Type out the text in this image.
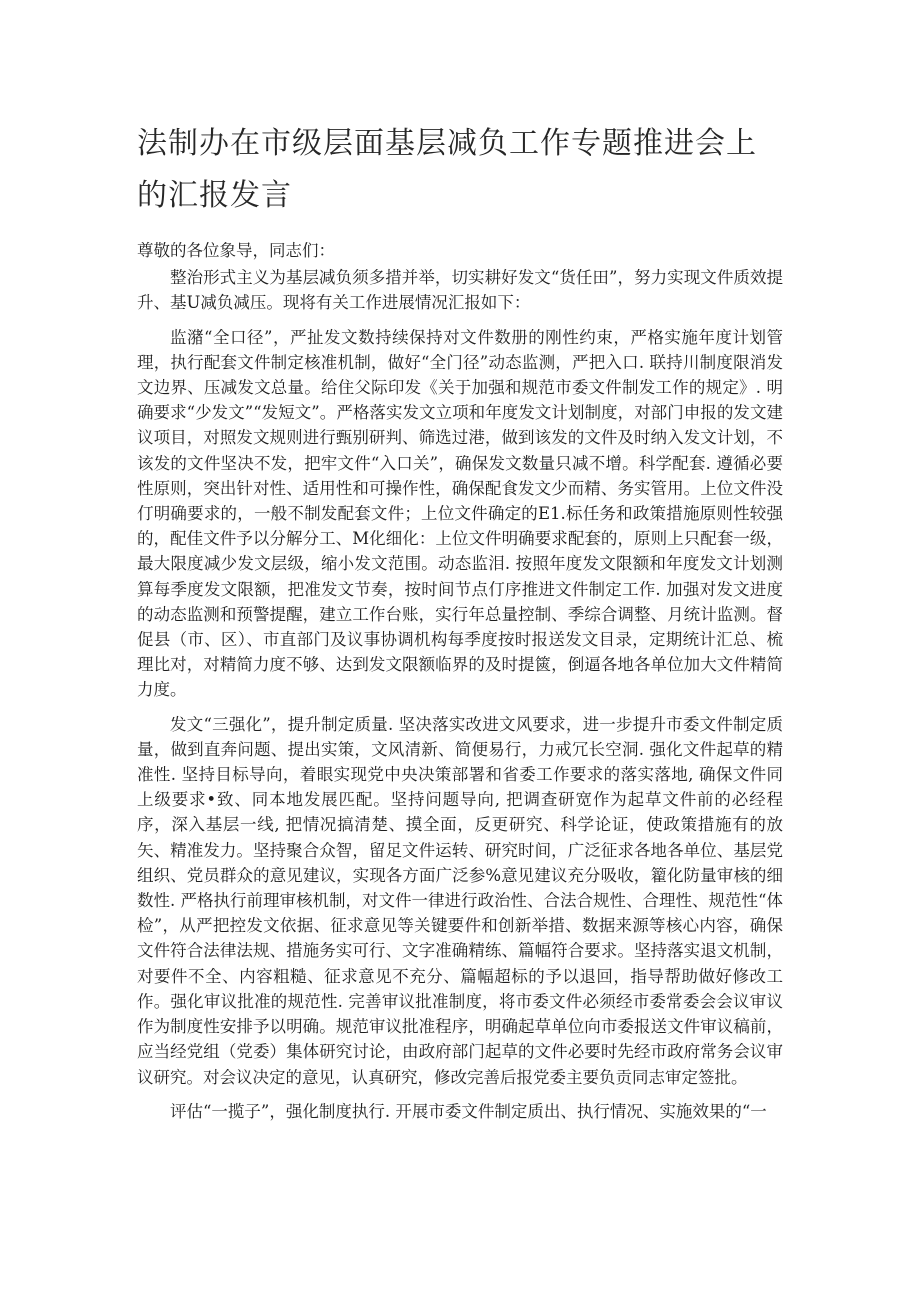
法制办在市级层面基层减负工作专题推进会上的汇报发言

尊敬的各位象导，同志们：

整治形式主义为基层减负须多措并举，切实耕好发文“货任田”，努力实现文件质效提升、基U减负减压。现将有关工作进展情况汇报如下：

监潴“全口径”，严扯发文数持续保持对文件数册的刚性约束，严格实施年度计划管理，执行配套文件制定核准机制，做好“全门径”动态监测，严把入口. 联持川制度限消发文边界、压减发文总量。给住父际印发《关于加强和规范市委文件制发工作的规定》. 明确要求“少发文”“发短文”。严格落实发文立项和年度发文计划制度，对部门申报的发文建议项目，对照发文规则进行甄别研判、筛选过港，做到该发的文件及时纳入发文计划，不该发的文件坚决不发，把牢文件“入口关”，确保发文数量只减不增。科学配套. 遵循必要性原则，突出针对性、适用性和可操作性，确保配食发文少而精、务实管用。上位文件没仃明确要求的，一般不制发配套文件；上位文件确定的E1.标任务和政策措施原则性较强的，配佳文件予以分解分工、M化细化：上位文件明确要求配套的，原则上只配套一级，最大限度减少发文层级，缩小发文范围。动态监泪. 按照年度发文限额和年度发文计划测算每季度发文限额，把准发文节奏，按时间节点仃序推进文件制定工作. 加强对发文进度的动态监测和预警提醒，建立工作台账，实行年总量控制、季综合调整、月统计监测。督促县（市、区）、市直部门及议事协调机构每季度按时报送发文目录，定期统计汇总、梳理比对，对精简力度不够、达到发文限额临界的及时提篋，倒逼各地各单位加大文件精简力度。

发文“三强化”，提升制定质量. 坚决落实改进文风要求，进一步提升市委文件制定质量，做到直奔问题、提出实策，文风清新、简便易行，力戒冗长空洞. 强化文件起草的精准性. 坚持目标导向，着眼实现党中央决策部署和省委工作要求的落实落地, 确保文件同上级要求•致、同本地发展匹配。坚持问题导向, 把调查研宽作为起草文件前的必经程序，深入基层一线, 把情况搞清楚、摸全面，反更研究、科学论证，使政策措施有的放矢、精准发力。坚持聚合众智，留足文件运转、研究时间，广泛征求各地各单位、基层党组织、党员群众的意见建议，实现各方面广泛参%意见建议充分吸收，籊化防量审核的细数性. 严格执行前理审核机制，对文件一律进行政治性、合法合规性、合理性、规范性“体检”，从严把控发文依据、征求意见等关键要件和创新举措、数据来源等核心内容，确保文件符合法律法规、措施务实可行、文字准确精练、篇幅符合要求。坚持落实退文机制，对要件不全、内容粗糙、征求意见不充分、篇幅超标的予以退回，指导帮助做好修改工作。强化审议批准的规范性. 完善审议批准制度，将市委文件必须经市委常委会会议审议作为制度性安排予以明确。规范审议批准程序，明确起草单位向市委报送文件审议稿前，应当经党组（党委）集体研究讨论，由政府部门起草的文件必要时先经市政府常务会议审议研究。对会议决定的意见，认真研究，修改完善后报党委主要负贡同志审定签批。

评估“一揽子”，强化制度执行. 开展市委文件制定质出、执行情况、实施效果的“一
